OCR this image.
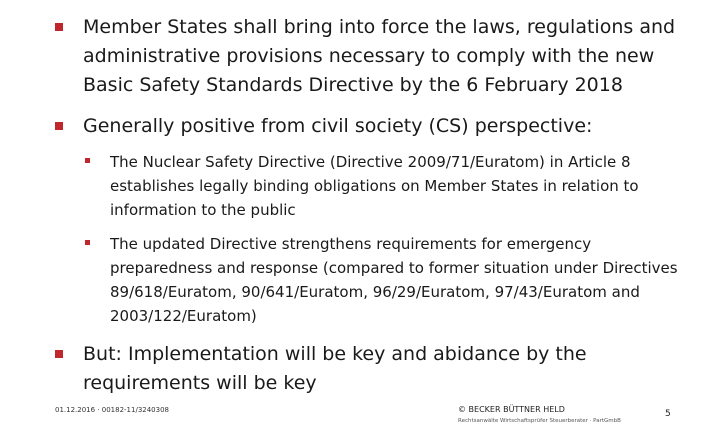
Member States shall bring into force the laws, regulations and administrative provisions necessary to comply with the new Basic Safety Standards Directive by the 6 February 2018
Generally positive from civil society (CS) perspective:
The Nuclear Safety Directive (Directive 2009/71/Euratom) in Article 8 establishes legally binding obligations on Member States in relation to information to the public
The updated Directive strengthens requirements for emergency preparedness and response (compared to former situation under Directives 89/618/Euratom, 90/641/Euratom, 96/29/Euratom, 97/43/Euratom and 2003/122/Euratom)
But: Implementation will be key and abidance by the requirements will be key
01.12.2016 · 00182-11/3240308	© BECKER BÜTTNER HELD
Rechtsanwälte Wirtschaftsprüfer Steuerberater · PartGmbB
5
